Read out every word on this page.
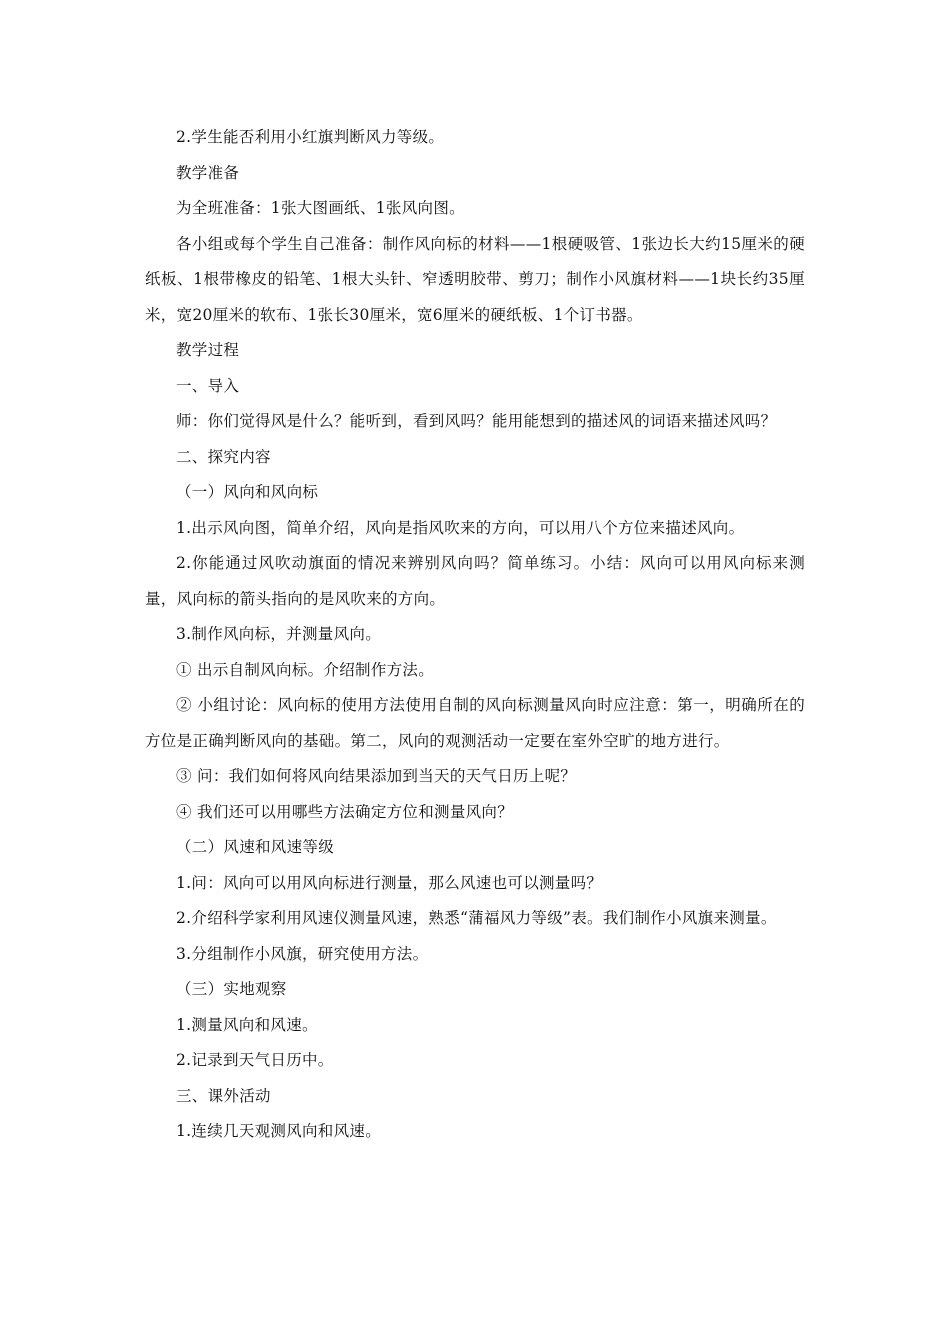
2.学生能否利用小红旗判断风力等级。

教学准备

为全班准备：1张大图画纸、1张风向图。

各小组或每个学生自己准备：制作风向标的材料——1根硬吸管、1张边长大约15厘米的硬纸板、1根带橡皮的铅笔、1根大头针、窄透明胶带、剪刀；制作小风旗材料——1块长约35厘米，宽20厘米的软布、1张长30厘米，宽6厘米的硬纸板、1个订书器。

教学过程

一、导入

师：你们觉得风是什么？能听到，看到风吗？能用能想到的描述风的词语来描述风吗？

二、探究内容

（一）风向和风向标

1.出示风向图，简单介绍，风向是指风吹来的方向，可以用八个方位来描述风向。

2.你能通过风吹动旗面的情况来辨别风向吗？简单练习。小结：风向可以用风向标来测量，风向标的箭头指向的是风吹来的方向。

3.制作风向标，并测量风向。

① 出示自制风向标。介绍制作方法。

② 小组讨论：风向标的使用方法使用自制的风向标测量风向时应注意：第一，明确所在的方位是正确判断风向的基础。第二，风向的观测活动一定要在室外空旷的地方进行。

③ 问：我们如何将风向结果添加到当天的天气日历上呢？

④ 我们还可以用哪些方法确定方位和测量风向？

（二）风速和风速等级

1.问：风向可以用风向标进行测量，那么风速也可以测量吗？

2.介绍科学家利用风速仪测量风速，熟悉“蒲福风力等级”表。我们制作小风旗来测量。

3.分组制作小风旗，研究使用方法。

（三）实地观察

1.测量风向和风速。

2.记录到天气日历中。

三、课外活动

1.连续几天观测风向和风速。
